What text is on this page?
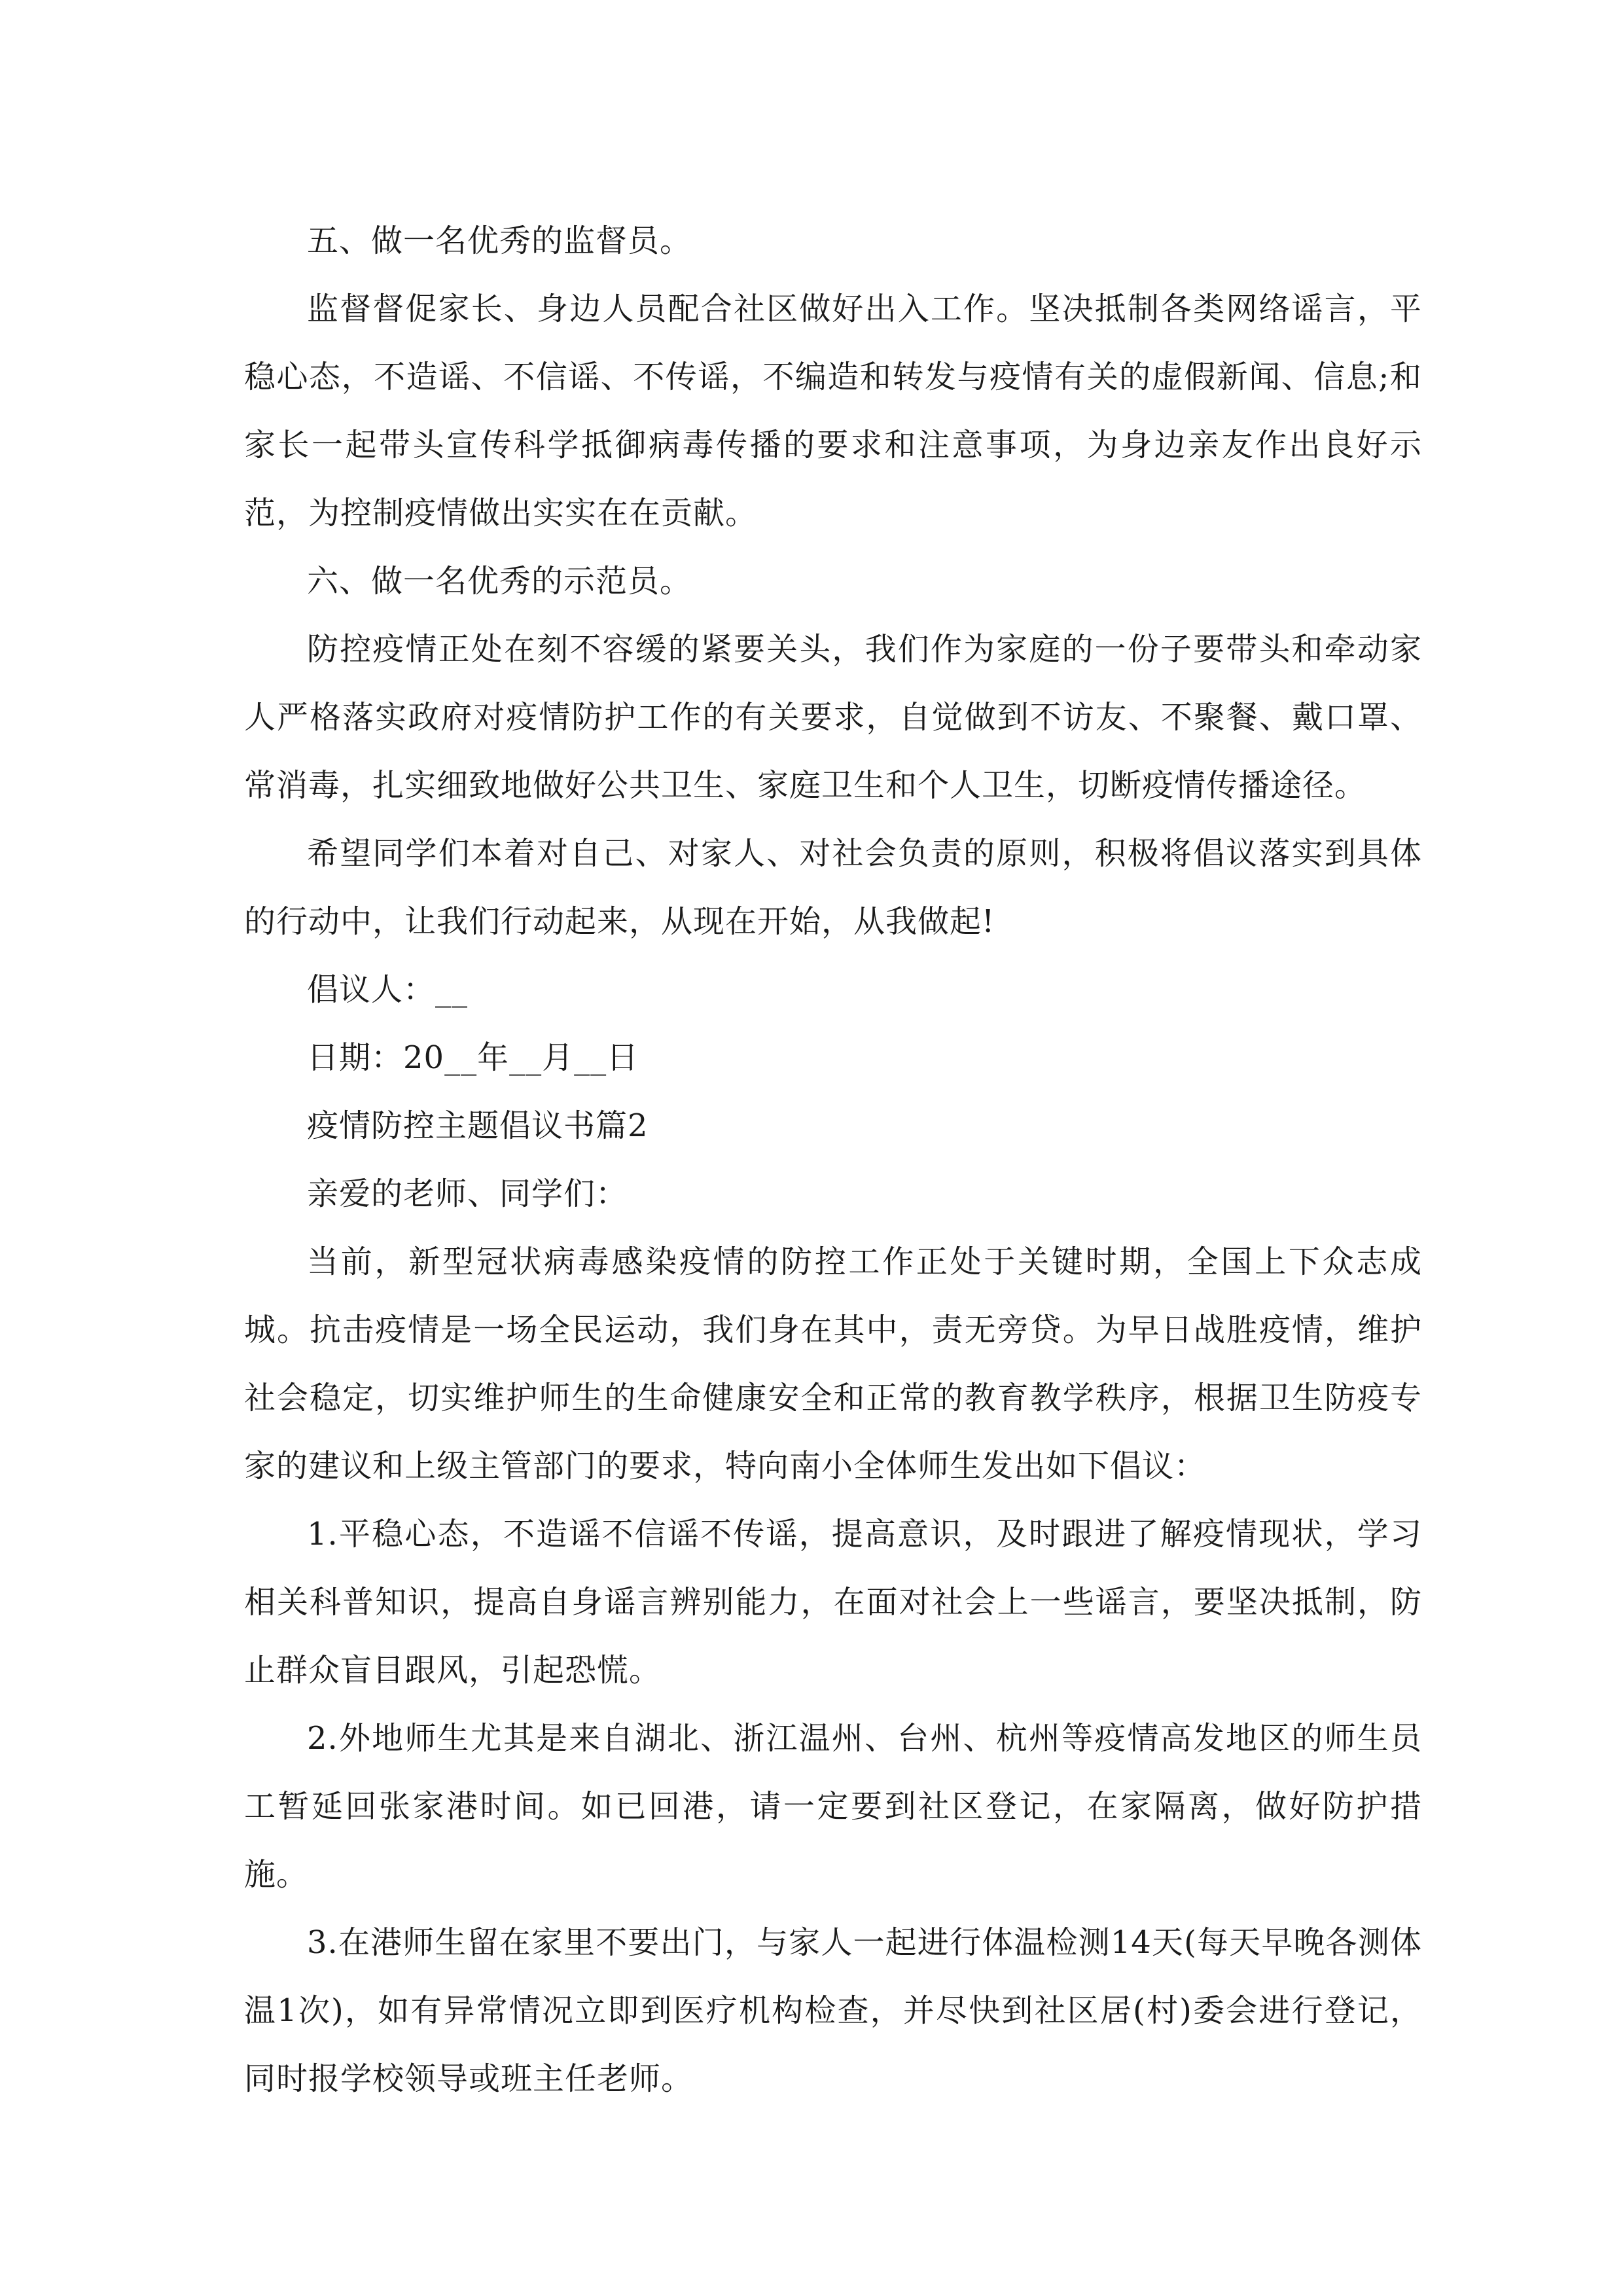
五、做一名优秀的监督员。

监督督促家长、身边人员配合社区做好出入工作。坚决抵制各类网络谣言，平稳心态，不造谣、不信谣、不传谣，不编造和转发与疫情有关的虚假新闻、信息;和家长一起带头宣传科学抵御病毒传播的要求和注意事项，为身边亲友作出良好示范，为控制疫情做出实实在在贡献。

六、做一名优秀的示范员。

防控疫情正处在刻不容缓的紧要关头，我们作为家庭的一份子要带头和牵动家人严格落实政府对疫情防护工作的有关要求，自觉做到不访友、不聚餐、戴口罩、常消毒，扎实细致地做好公共卫生、家庭卫生和个人卫生，切断疫情传播途径。

希望同学们本着对自己、对家人、对社会负责的原则，积极将倡议落实到具体的行动中，让我们行动起来，从现在开始，从我做起!

倡议人：__

日期：20__年__月__日

疫情防控主题倡议书篇2

亲爱的老师、同学们：

当前，新型冠状病毒感染疫情的防控工作正处于关键时期，全国上下众志成城。抗击疫情是一场全民运动，我们身在其中，责无旁贷。为早日战胜疫情，维护社会稳定，切实维护师生的生命健康安全和正常的教育教学秩序，根据卫生防疫专家的建议和上级主管部门的要求，特向南小全体师生发出如下倡议：

1.平稳心态，不造谣不信谣不传谣，提高意识，及时跟进了解疫情现状，学习相关科普知识，提高自身谣言辨别能力，在面对社会上一些谣言，要坚决抵制，防止群众盲目跟风，引起恐慌。

2.外地师生尤其是来自湖北、浙江温州、台州、杭州等疫情高发地区的师生员工暂延回张家港时间。如已回港，请一定要到社区登记，在家隔离，做好防护措施。

3.在港师生留在家里不要出门，与家人一起进行体温检测14天(每天早晚各测体温1次)，如有异常情况立即到医疗机构检查，并尽快到社区居(村)委会进行登记，同时报学校领导或班主任老师。
